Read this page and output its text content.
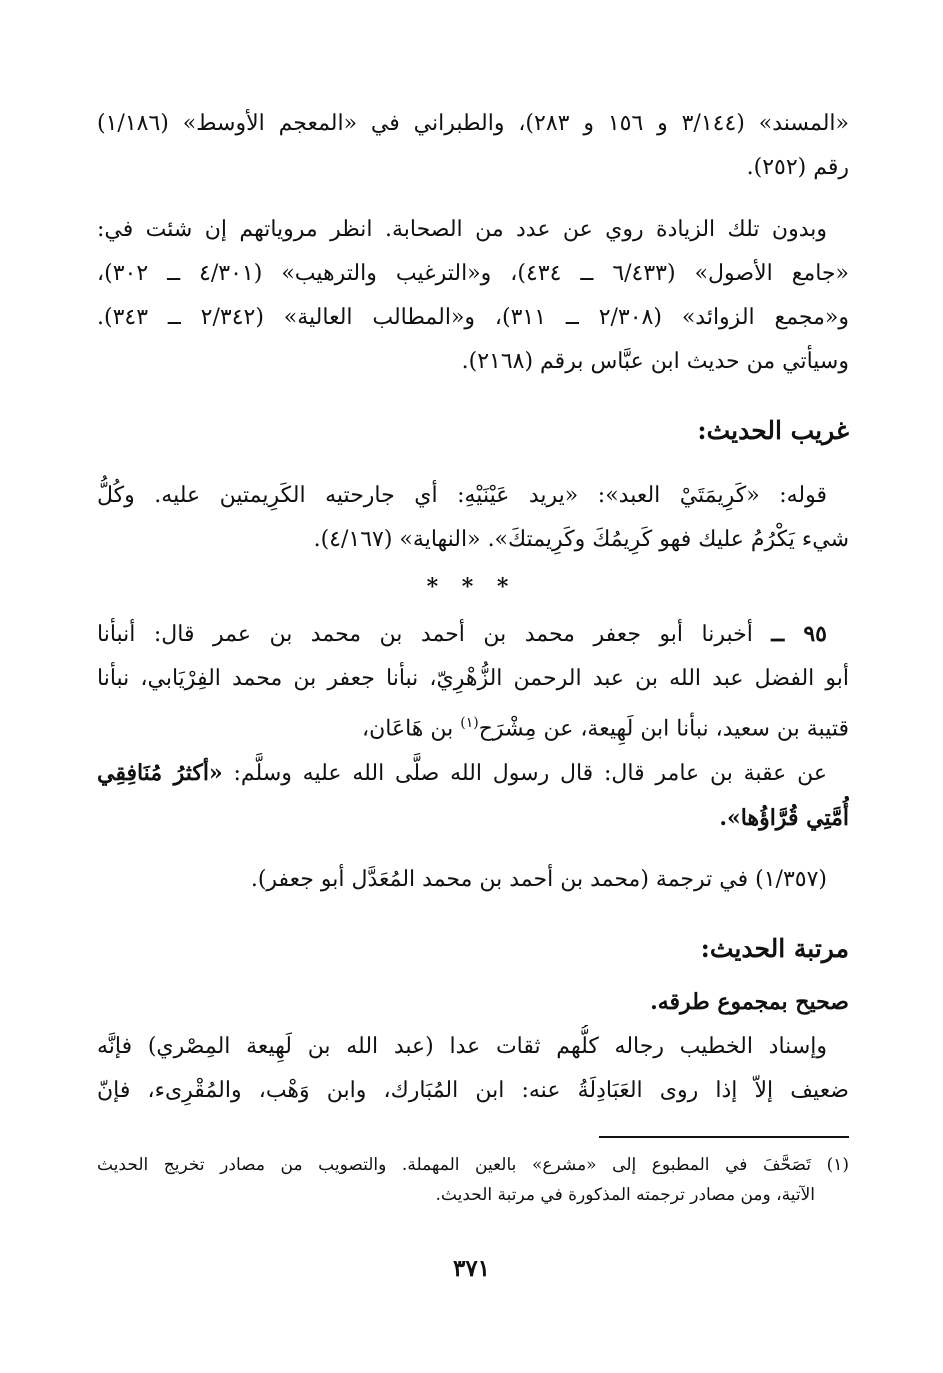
«المسند» (٣/١٤٤ و ١٥٦ و ٢٨٣)، والطبراني في «المعجم الأوسط» (١/١٨٦)
رقم (٢٥٢).
وبدون تلك الزيادة روي عن عدد من الصحابة. انظر مروياتهم إن شئت في:
«جامع الأصول» (٦/٤٣٣ ــ ٤٣٤)، و«الترغيب والترهيب» (٤/٣٠١ ــ ٣٠٢)،
و«مجمع الزوائد» (٢/٣٠٨ ــ ٣١١)، و«المطالب العالية» (٢/٣٤٢ ــ ٣٤٣).
وسيأتي من حديث ابن عبَّاس برقم (٢١٦٨).
غريب الحديث:
قوله: «كَرِيمَتَيْ العبد»: «يريد عَيْنَيْهِ: أي جارحتيه الكَرِيمتين عليه. وكُلُّ
شيء يَكْرُمُ عليك فهو كَرِيمُكَ وكَرِيمتكَ». «النهاية» (٤/١٦٧).
* * *
٩٥ ــ أخبرنا أبو جعفر محمد بن أحمد بن محمد بن عمر قال: أنبأنا
أبو الفضل عبد الله بن عبد الرحمن الزُّهْرِيّ، نبأنا جعفر بن محمد الفِرْيَابي، نبأنا
قتيبة بن سعيد، نبأنا ابن لَهِيعة، عن مِشْرَح$^{(١)}$ بن هَاعَان،
عن عقبة بن عامر قال: قال رسول الله صلَّى الله عليه وسلَّم: «أكثرُ مُنَافِقِي
أُمَّتِي قُرَّاؤُها».
(١/٣٥٧) في ترجمة (محمد بن أحمد بن محمد المُعَدَّل أبو جعفر).
مرتبة الحديث:
صحيح بمجموع طرقه.
وإسناد الخطيب رجاله كلُّهم ثقات عدا (عبد الله بن لَهِيعة المِصْري) فإنَّه
ضعيف إلاّ إذا روى العَبَادِلَةُ عنه: ابن المُبَارك، وابن وَهْب، والمُقْرِىء، فإنّ
(١) تَصَحَّفَ في المطبوع إلى «مشرع» بالعين المهملة. والتصويب من مصادر تخريج الحديث
الآتية، ومن مصادر ترجمته المذكورة في مرتبة الحديث.
٣٧١
